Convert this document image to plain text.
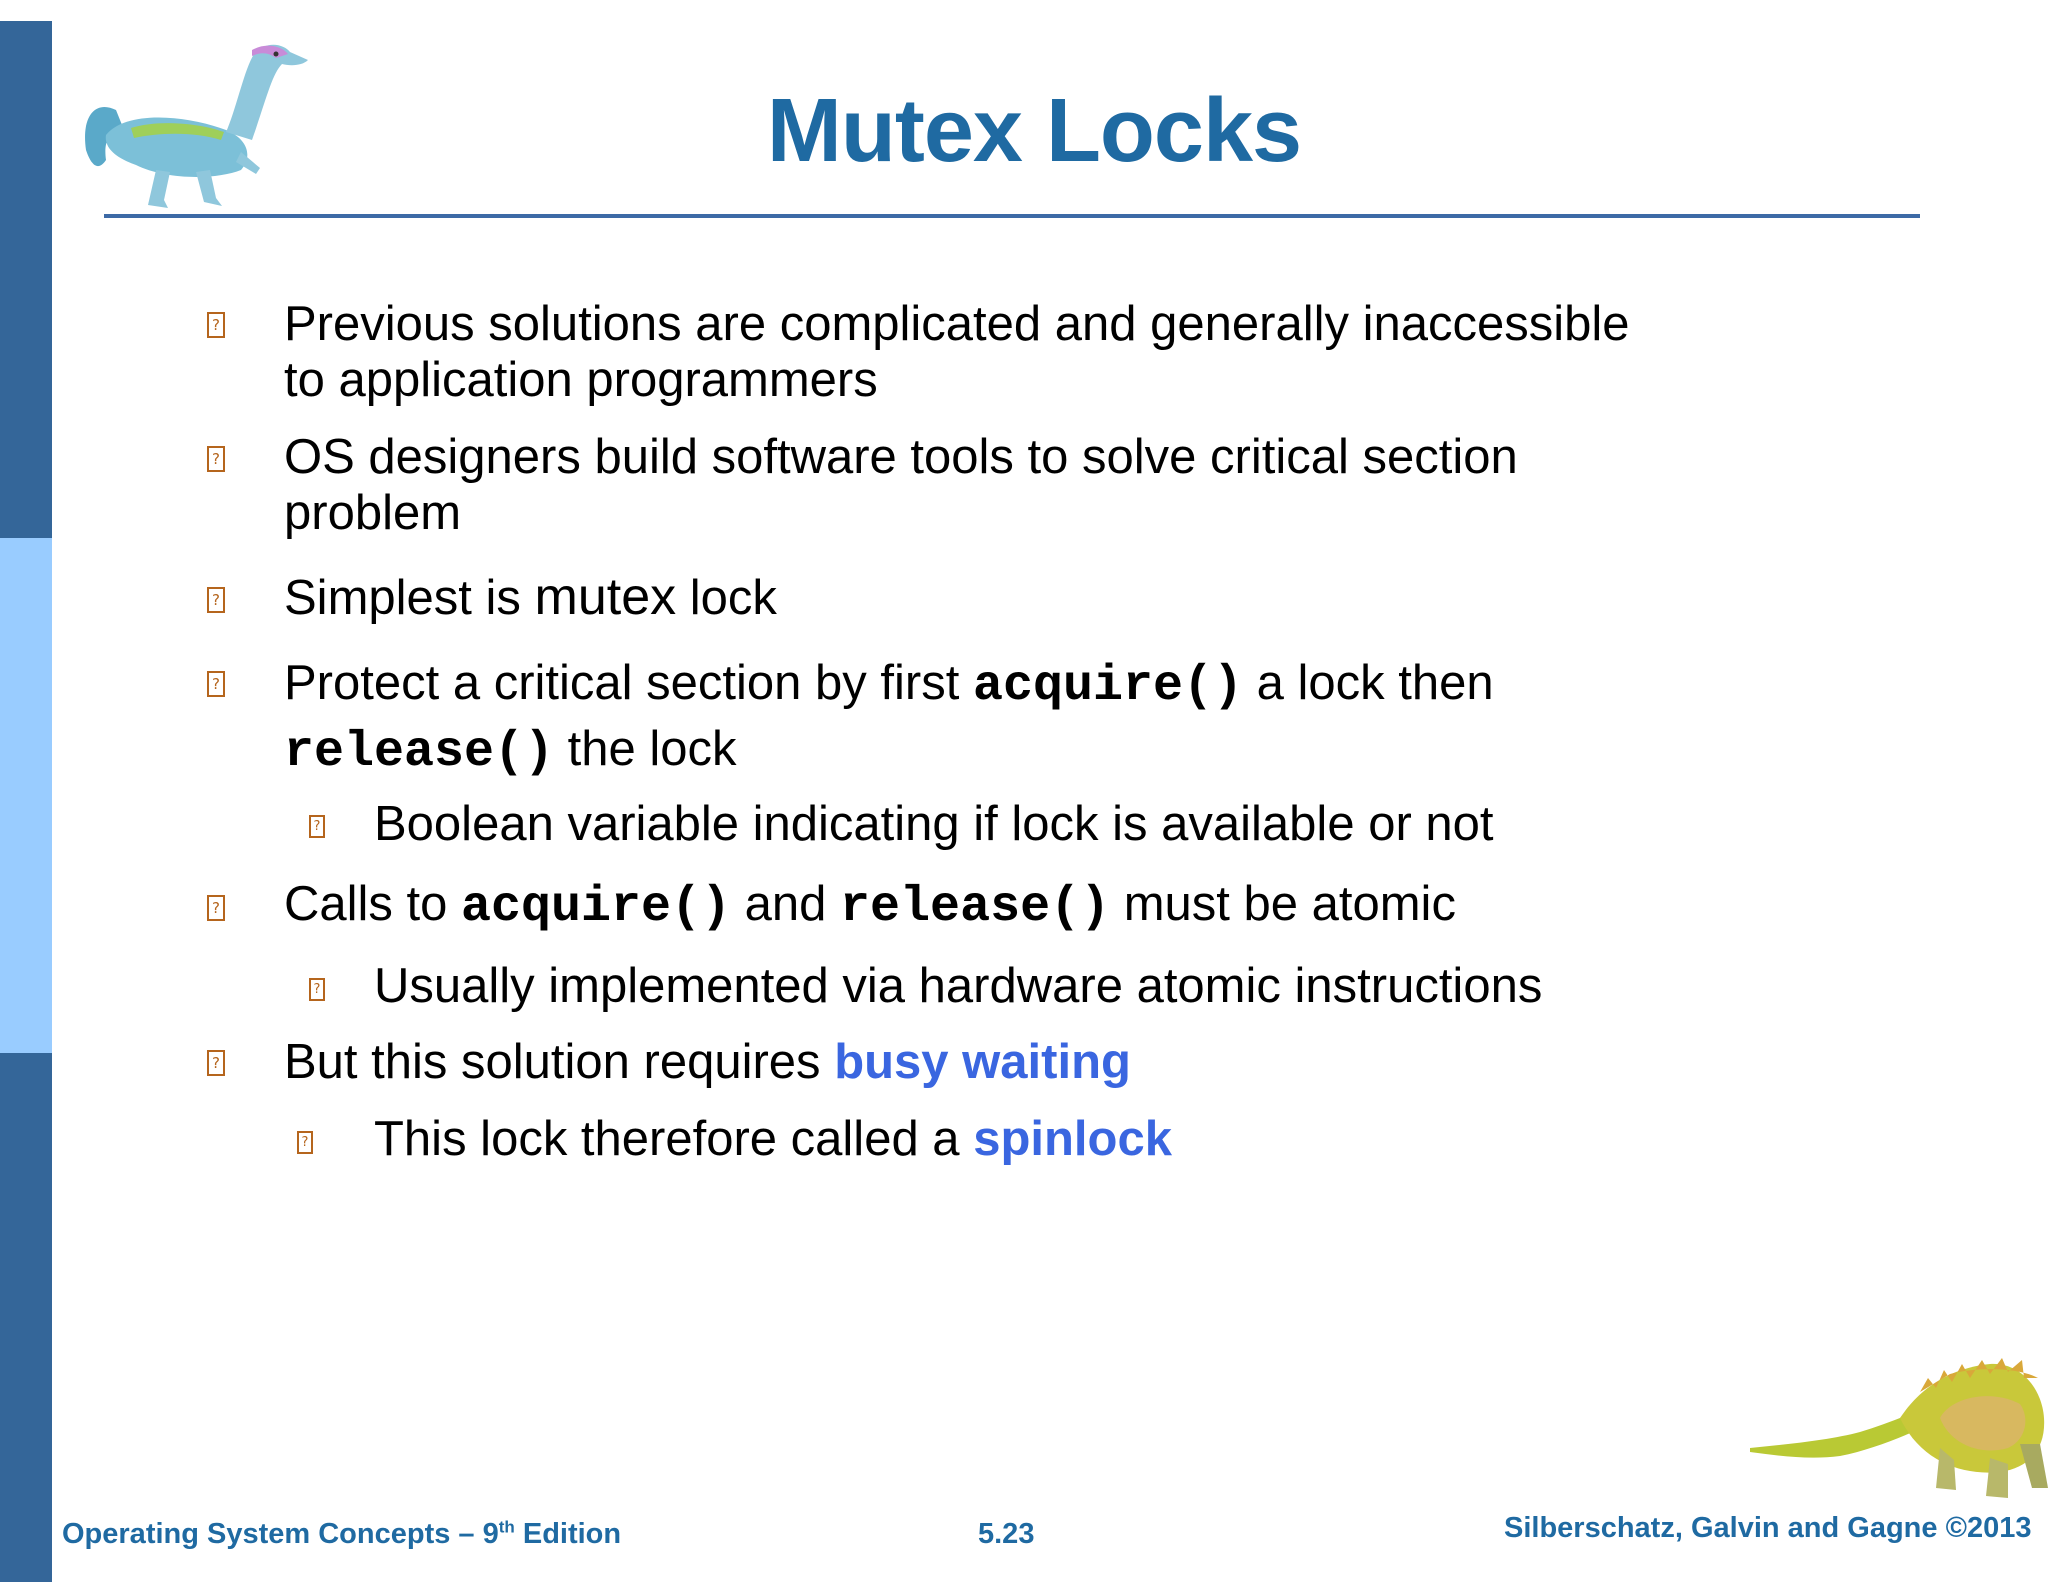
Mutex Locks
? Previous solutions are complicated and generally inaccessible
to application programmers
? OS designers build software tools to solve critical section
problem
? Simplest is mutex lock
? Protect a critical section by first acquire() a lock then
release() the lock
? Boolean variable indicating if lock is available or not
? Calls to acquire() and release() must be atomic
? Usually implemented via hardware atomic instructions
? But this solution requires busy waiting
? This lock therefore called a spinlock
Operating System Concepts – 9th Edition	5.23	Silberschatz, Galvin and Gagne ©2013
